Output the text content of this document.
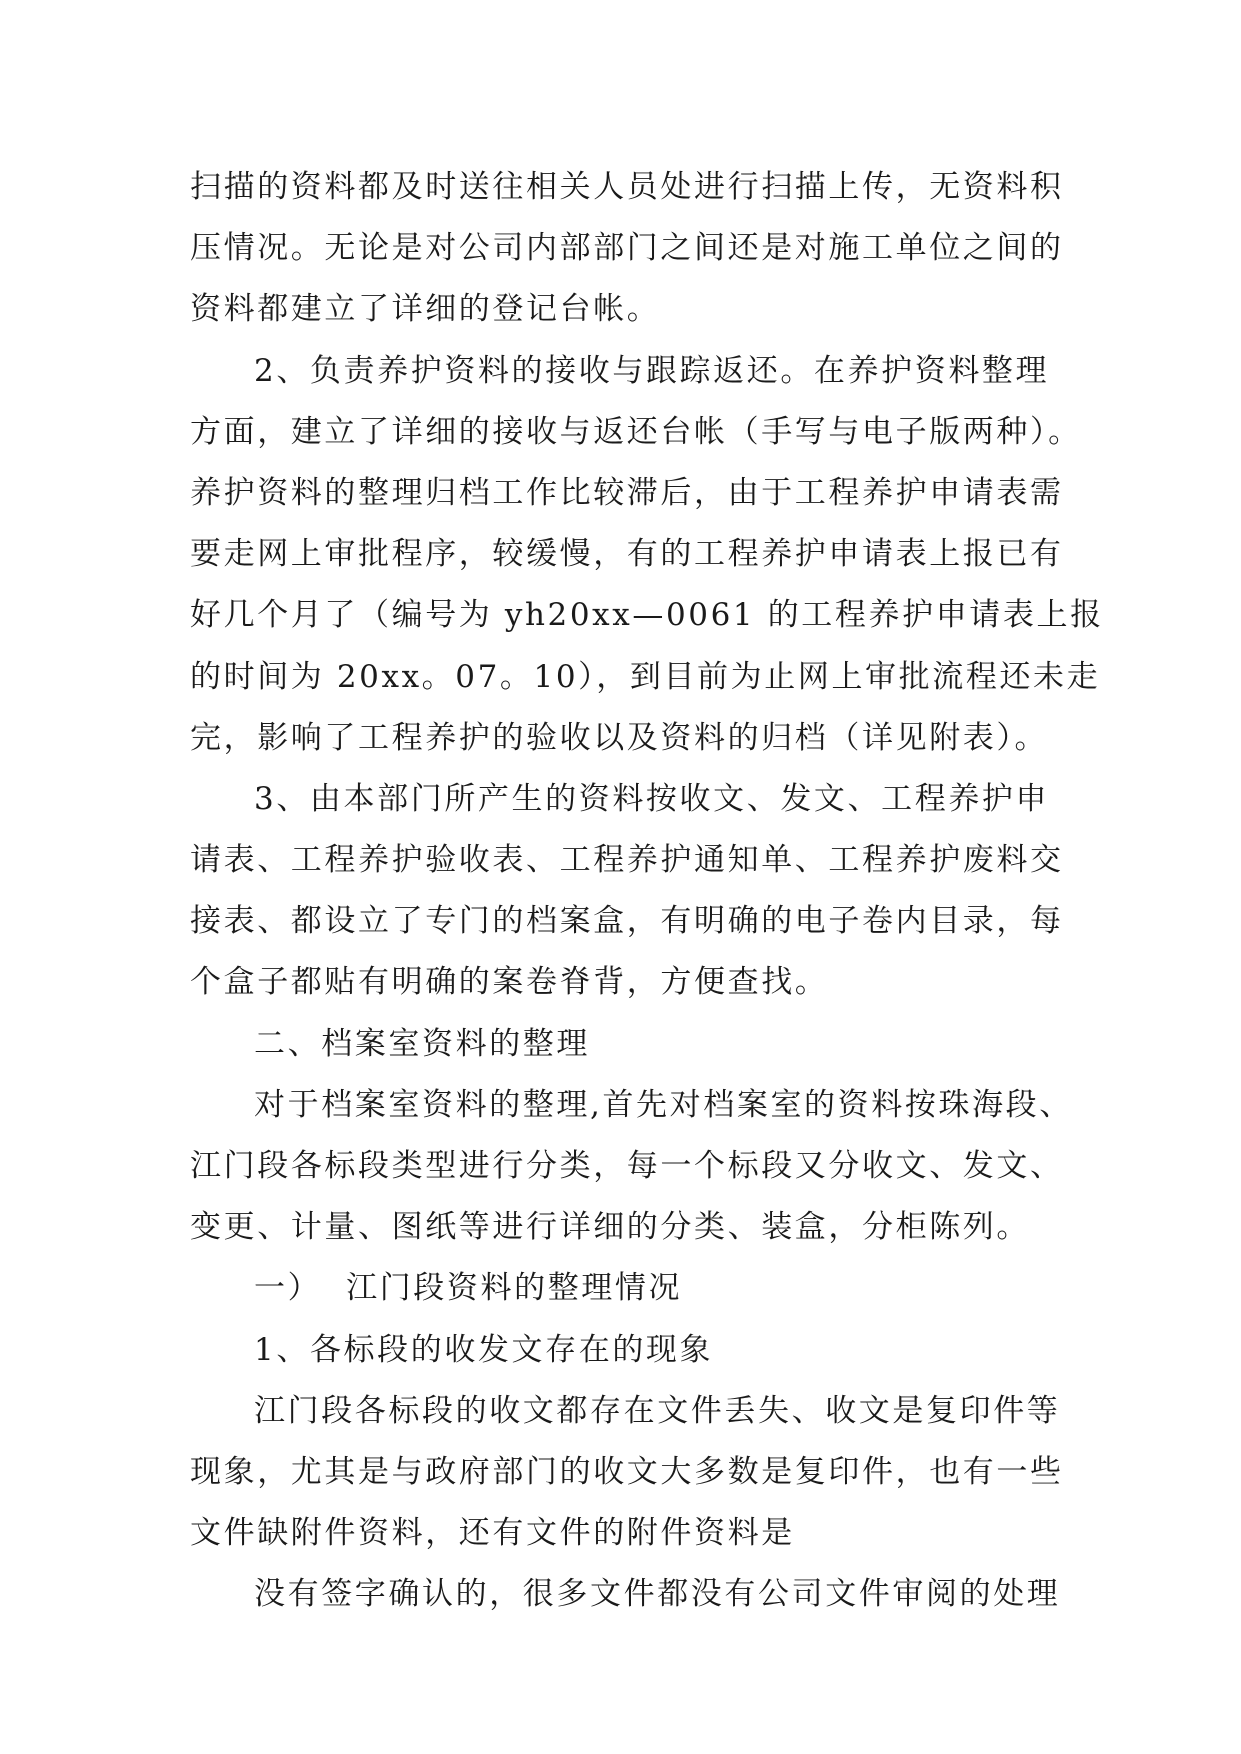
扫描的资料都及时送往相关人员处进行扫描上传，无资料积
压情况。无论是对公司内部部门之间还是对施工单位之间的
资料都建立了详细的登记台帐。
2、负责养护资料的接收与跟踪返还。在养护资料整理
方面，建立了详细的接收与返还台帐（手写与电子版两种）。
养护资料的整理归档工作比较滞后，由于工程养护申请表需
要走网上审批程序，较缓慢，有的工程养护申请表上报已有
好几个月了（编号为 yh20xx—0061 的工程养护申请表上报
的时间为 20xx。07。10），到目前为止网上审批流程还未走
完，影响了工程养护的验收以及资料的归档（详见附表）。
3、由本部门所产生的资料按收文、发文、工程养护申
请表、工程养护验收表、工程养护通知单、工程养护废料交
接表、都设立了专门的档案盒，有明确的电子卷内目录，每
个盒子都贴有明确的案卷脊背，方便查找。
二、档案室资料的整理
对于档案室资料的整理,首先对档案室的资料按珠海段、
江门段各标段类型进行分类，每一个标段又分收文、发文、
变更、计量、图纸等进行详细的分类、装盒，分柜陈列。
一）  江门段资料的整理情况
1、各标段的收发文存在的现象
江门段各标段的收文都存在文件丢失、收文是复印件等
现象，尤其是与政府部门的收文大多数是复印件，也有一些
文件缺附件资料，还有文件的附件资料是
没有签字确认的，很多文件都没有公司文件审阅的处理
